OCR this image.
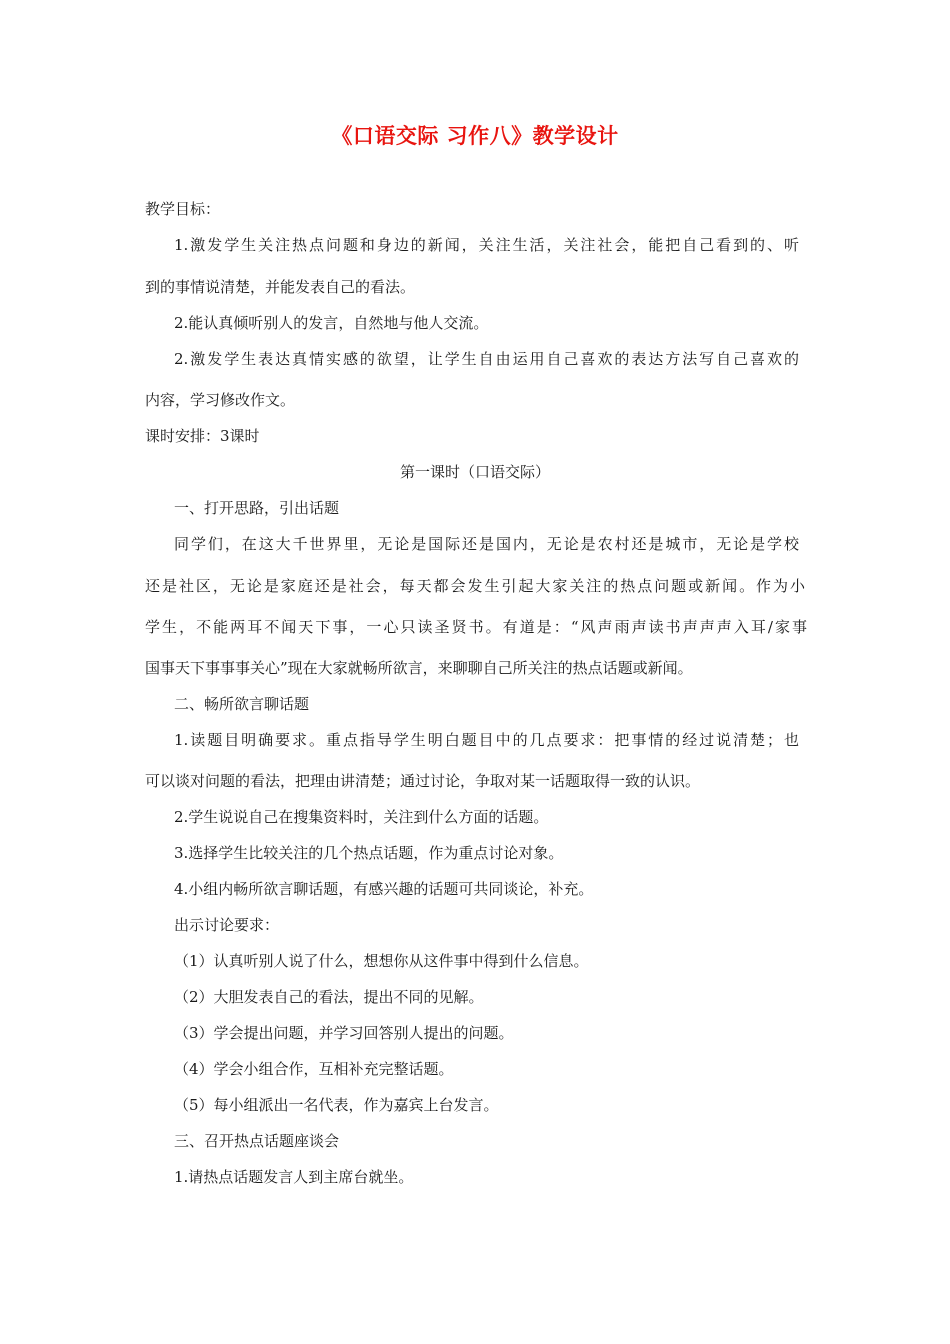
《口语交际 习作八》教学设计
教学目标：
1.激发学生关注热点问题和身边的新闻，关注生活，关注社会，能把自己看到的、听
到的事情说清楚，并能发表自己的看法。
2.能认真倾听别人的发言，自然地与他人交流。
2.激发学生表达真情实感的欲望，让学生自由运用自己喜欢的表达方法写自己喜欢的
内容，学习修改作文。
课时安排：3课时
第一课时（口语交际）
一、打开思路，引出话题
同学们，在这大千世界里，无论是国际还是国内，无论是农村还是城市，无论是学校
还是社区，无论是家庭还是社会，每天都会发生引起大家关注的热点问题或新闻。作为小
学生，不能两耳不闻天下事，一心只读圣贤书。有道是：“风声雨声读书声声声入耳/家事
国事天下事事事关心”现在大家就畅所欲言，来聊聊自己所关注的热点话题或新闻。
二、畅所欲言聊话题
1.读题目明确要求。重点指导学生明白题目中的几点要求：把事情的经过说清楚；也
可以谈对问题的看法，把理由讲清楚；通过讨论，争取对某一话题取得一致的认识。
2.学生说说自己在搜集资料时，关注到什么方面的话题。
3.选择学生比较关注的几个热点话题，作为重点讨论对象。
4.小组内畅所欲言聊话题，有感兴趣的话题可共同谈论，补充。
出示讨论要求：
（1）认真听别人说了什么，想想你从这件事中得到什么信息。
（2）大胆发表自己的看法，提出不同的见解。
（3）学会提出问题，并学习回答别人提出的问题。
（4）学会小组合作，互相补充完整话题。
（5）每小组派出一名代表，作为嘉宾上台发言。
三、召开热点话题座谈会
1.请热点话题发言人到主席台就坐。
